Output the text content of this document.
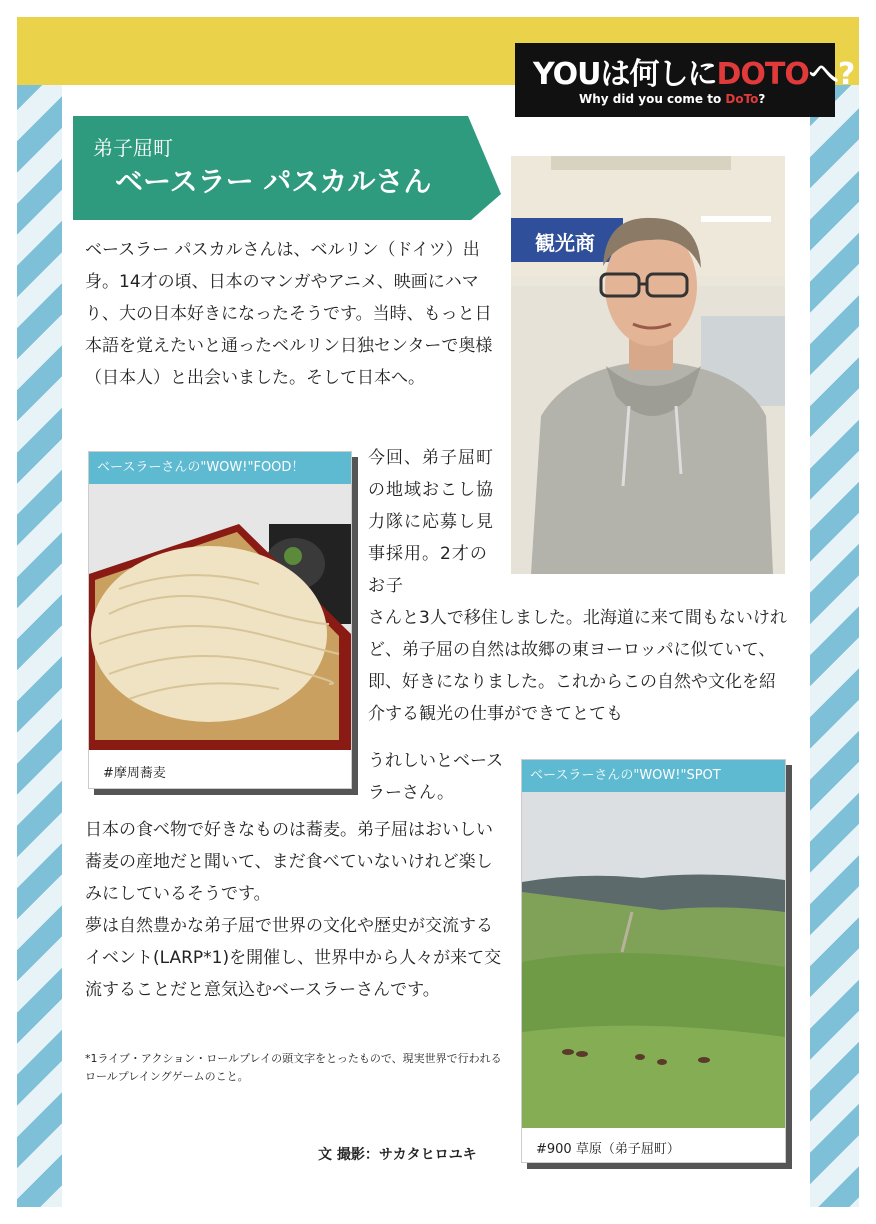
YOUは何しにDOTOへ?
Why did you come to DoTo?
弟子屈町
ベースラー パスカルさん
観光商
ベースラー パスカルさんは、ベルリン（ドイツ）出身。14才の頃、日本のマンガやアニメ、映画にハマり、大の日本好きになったそうです。当時、もっと日本語を覚えたいと通ったベルリン日独センターで奥様（日本人）と出会いました。そして日本へ。
今回、弟子屈町の地域おこし協力隊に応募し見事採用。2才のお子
さんと3人で移住しました。北海道に来て間もないけれど、弟子屈の自然は故郷の東ヨーロッパに似ていて、即、好きになりました。これからこの自然や文化を紹介する観光の仕事ができてとても
うれしいとベースラーさん。
日本の食べ物で好きなものは蕎麦。弟子屈はおいしい蕎麦の産地だと聞いて、まだ食べていないけれど楽しみにしているそうです。
夢は自然豊かな弟子屈で世界の文化や歴史が交流するイベント(LARP*1)を開催し、世界中から人々が来て交流することだと意気込むベースラーさんです。
*1ライブ・アクション・ロールプレイの頭文字をとったもので、現実世界で行われるロールプレイングゲームのこと。
文 撮影：サカタヒロユキ
ベースラーさんの"WOW!"FOOD！
#摩周蕎麦	ベースラーさんの"WOW!"SPOT
#900 草原（弟子屈町）
